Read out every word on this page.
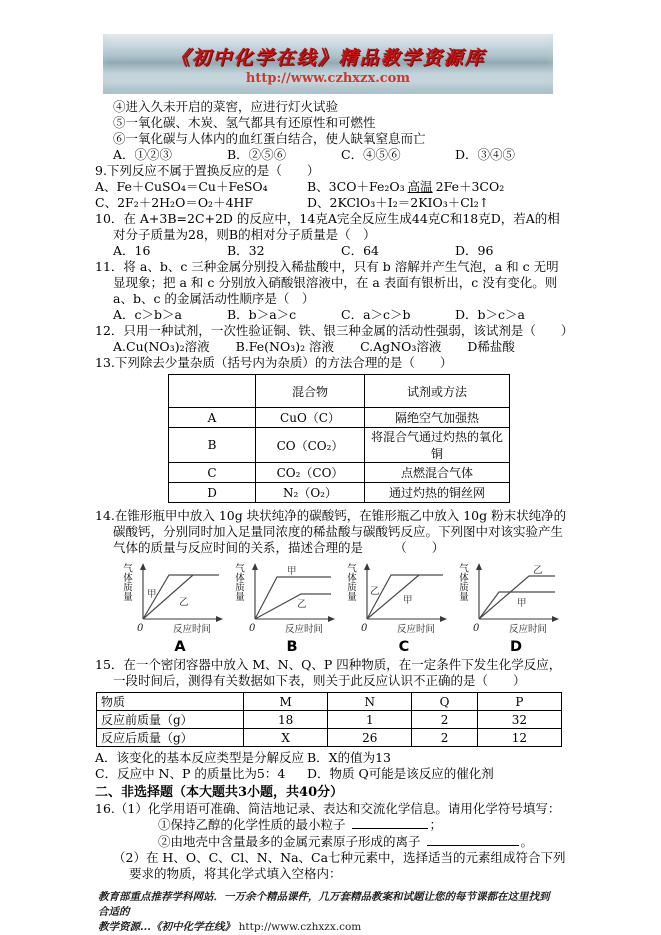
《初中化学在线》精品教学资源库
http://www.czhxzx.com
④进入久未开启的菜窖，应进行灯火试验
⑤一氧化碳、木炭、氢气都具有还原性和可燃性
⑥一氧化碳与人体内的血红蛋白结合，使人缺氧窒息而亡
A．①②③	B．②⑤⑥	C．④⑤⑥	D．③④⑤
9.下列反应不属于置换反应的是（　　）
A、Fe＋CuSO₄＝Cu＋FeSO₄	B、3CO＋Fe₂O₃ 高温 2Fe＋3CO₂
C、2F₂＋2H₂O＝O₂＋4HF	D、2KClO₃＋I₂＝2KIO₃＋Cl₂↑
10．在 A+3B=2C+2D 的反应中，14克A完全反应生成44克C和18克D，若A的相对分子质量为28，则B的相对分子质量是（　）
A．16	B．32	C．64	D．96
11．将 a、b、c 三种金属分别投入稀盐酸中，只有 b 溶解并产生气泡，a 和 c 无明显现象；把 a 和 c 分别放入硝酸银溶液中，在 a 表面有银析出，c 没有变化。则 a、b、c 的金属活动性顺序是（　）
A．c＞b＞a	B．b＞a＞c	C．a＞c＞b	D．b＞c＞a
12．只用一种试剂，一次性验证铜、铁、银三种金属的活动性强弱，该试剂是（　　）
A.Cu(NO₃)₂溶液 B.Fe(NO₃)₂ 溶液 C.AgNO₃溶液 D稀盐酸
13.下列除去少量杂质（括号内为杂质）的方法合理的是（　　）
	混合物	试剂或方法
A	CuO（C）	隔绝空气加强热
B	CO（CO₂）	将混合气通过灼热的氧化铜
C	CO₂（CO）	点燃混合气体
D	N₂（O₂）	通过灼热的铜丝网
14.在锥形瓶甲中放入 10g 块状纯净的碳酸钙，在锥形瓶乙中放入 10g 粉末状纯净的碳酸钙，分别同时加入足量同浓度的稀盐酸与碳酸钙反应。下列图中对该实验产生气体的质量与反应时间的关系，描述合理的是　　　	（　　）
气体质量 甲
乙
0	反应时间
A
气体质量	甲
乙
0	反应时间
B
气体质量 乙
甲
0	反应时间
C
气体质量	乙
甲
0	反应时间
D
15．在一个密闭容器中放入 M、N、Q、P 四种物质，在一定条件下发生化学反应，一段时间后，测得有关数据如下表，则关于此反应认识不正确的是（　　）
物质	M	N	Q	P
反应前质量（g）	18	1	2	32
反应后质量（g）	X	26	2	12
A．该变化的基本反应类型是分解反应 B．X的值为13
C．反应中 N、P 的质量比为5：4	D．物质 Q可能是该反应的催化剂
二、非选择题（本大题共3小题，共40分）
16.（1）化学用语可准确、简洁地记录、表达和交流化学信息。请用化学符号填写：
①保持乙醇的化学性质的最小粒子	；
②由地壳中含量最多的金属元素原子形成的离子	。
（2）在 H、O、C、Cl、N、Na、Ca七种元素中，选择适当的元素组成符合下列要求的物质，将其化学式填入空格内：
教育部重点推荐学科网站．一万余个精品课件，几万套精品教案和试题让您的每节课都在这里找到合适的
教学资源...《初中化学在线》 http://www.czhxzx.com
